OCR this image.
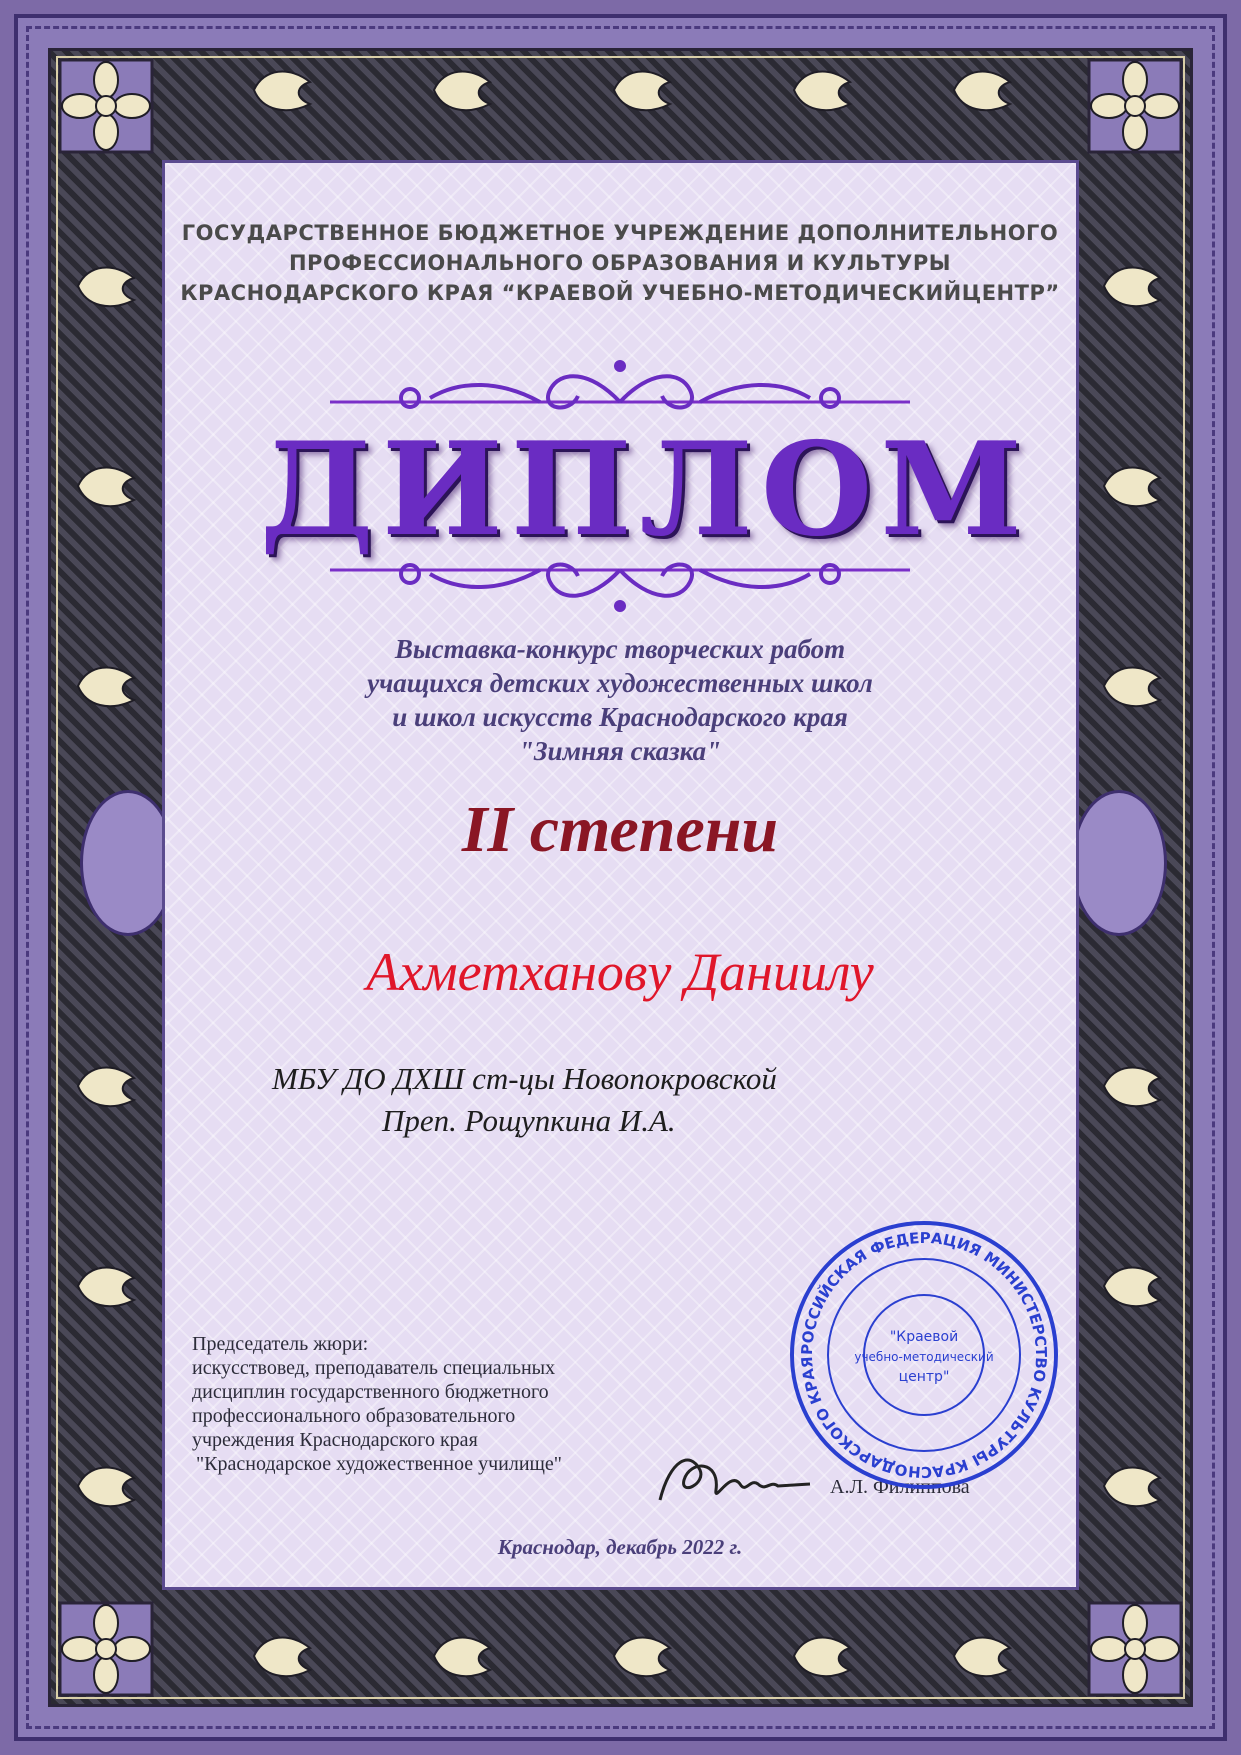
ГОСУДАРСТВЕННОЕ БЮДЖЕТНОЕ УЧРЕЖДЕНИЕ ДОПОЛНИТЕЛЬНОГО
ПРОФЕССИОНАЛЬНОГО ОБРАЗОВАНИЯ И КУЛЬТУРЫ
КРАСНОДАРСКОГО КРАЯ “КРАЕВОЙ УЧЕБНО-МЕТОДИЧЕСКИЙЦЕНТР”
ДИПЛОМ
Выставка-конкурс творческих работ
учащихся детских художественных школ
и школ искусств Краснодарского края
"Зимняя сказка"
II степени
Ахметханову Даниилу
МБУ ДО ДХШ ст-цы Новопокровской
Преп. Рощупкина И.А.
Председатель жюри:
искусствовед, преподаватель специальных
дисциплин государственного бюджетного
профессионального образовательного
учреждения Краснодарского края
"Краснодарское художественное училище"
А.Л. Филиппова
РОССИЙСКАЯ ФЕДЕРАЦИЯ МИНИСТЕРСТВО КУЛЬТУРЫ КРАСНОДАРСКОГО КРАЯ
"Краевой
учебно-методический
центр"
Краснодар, декабрь 2022 г.
